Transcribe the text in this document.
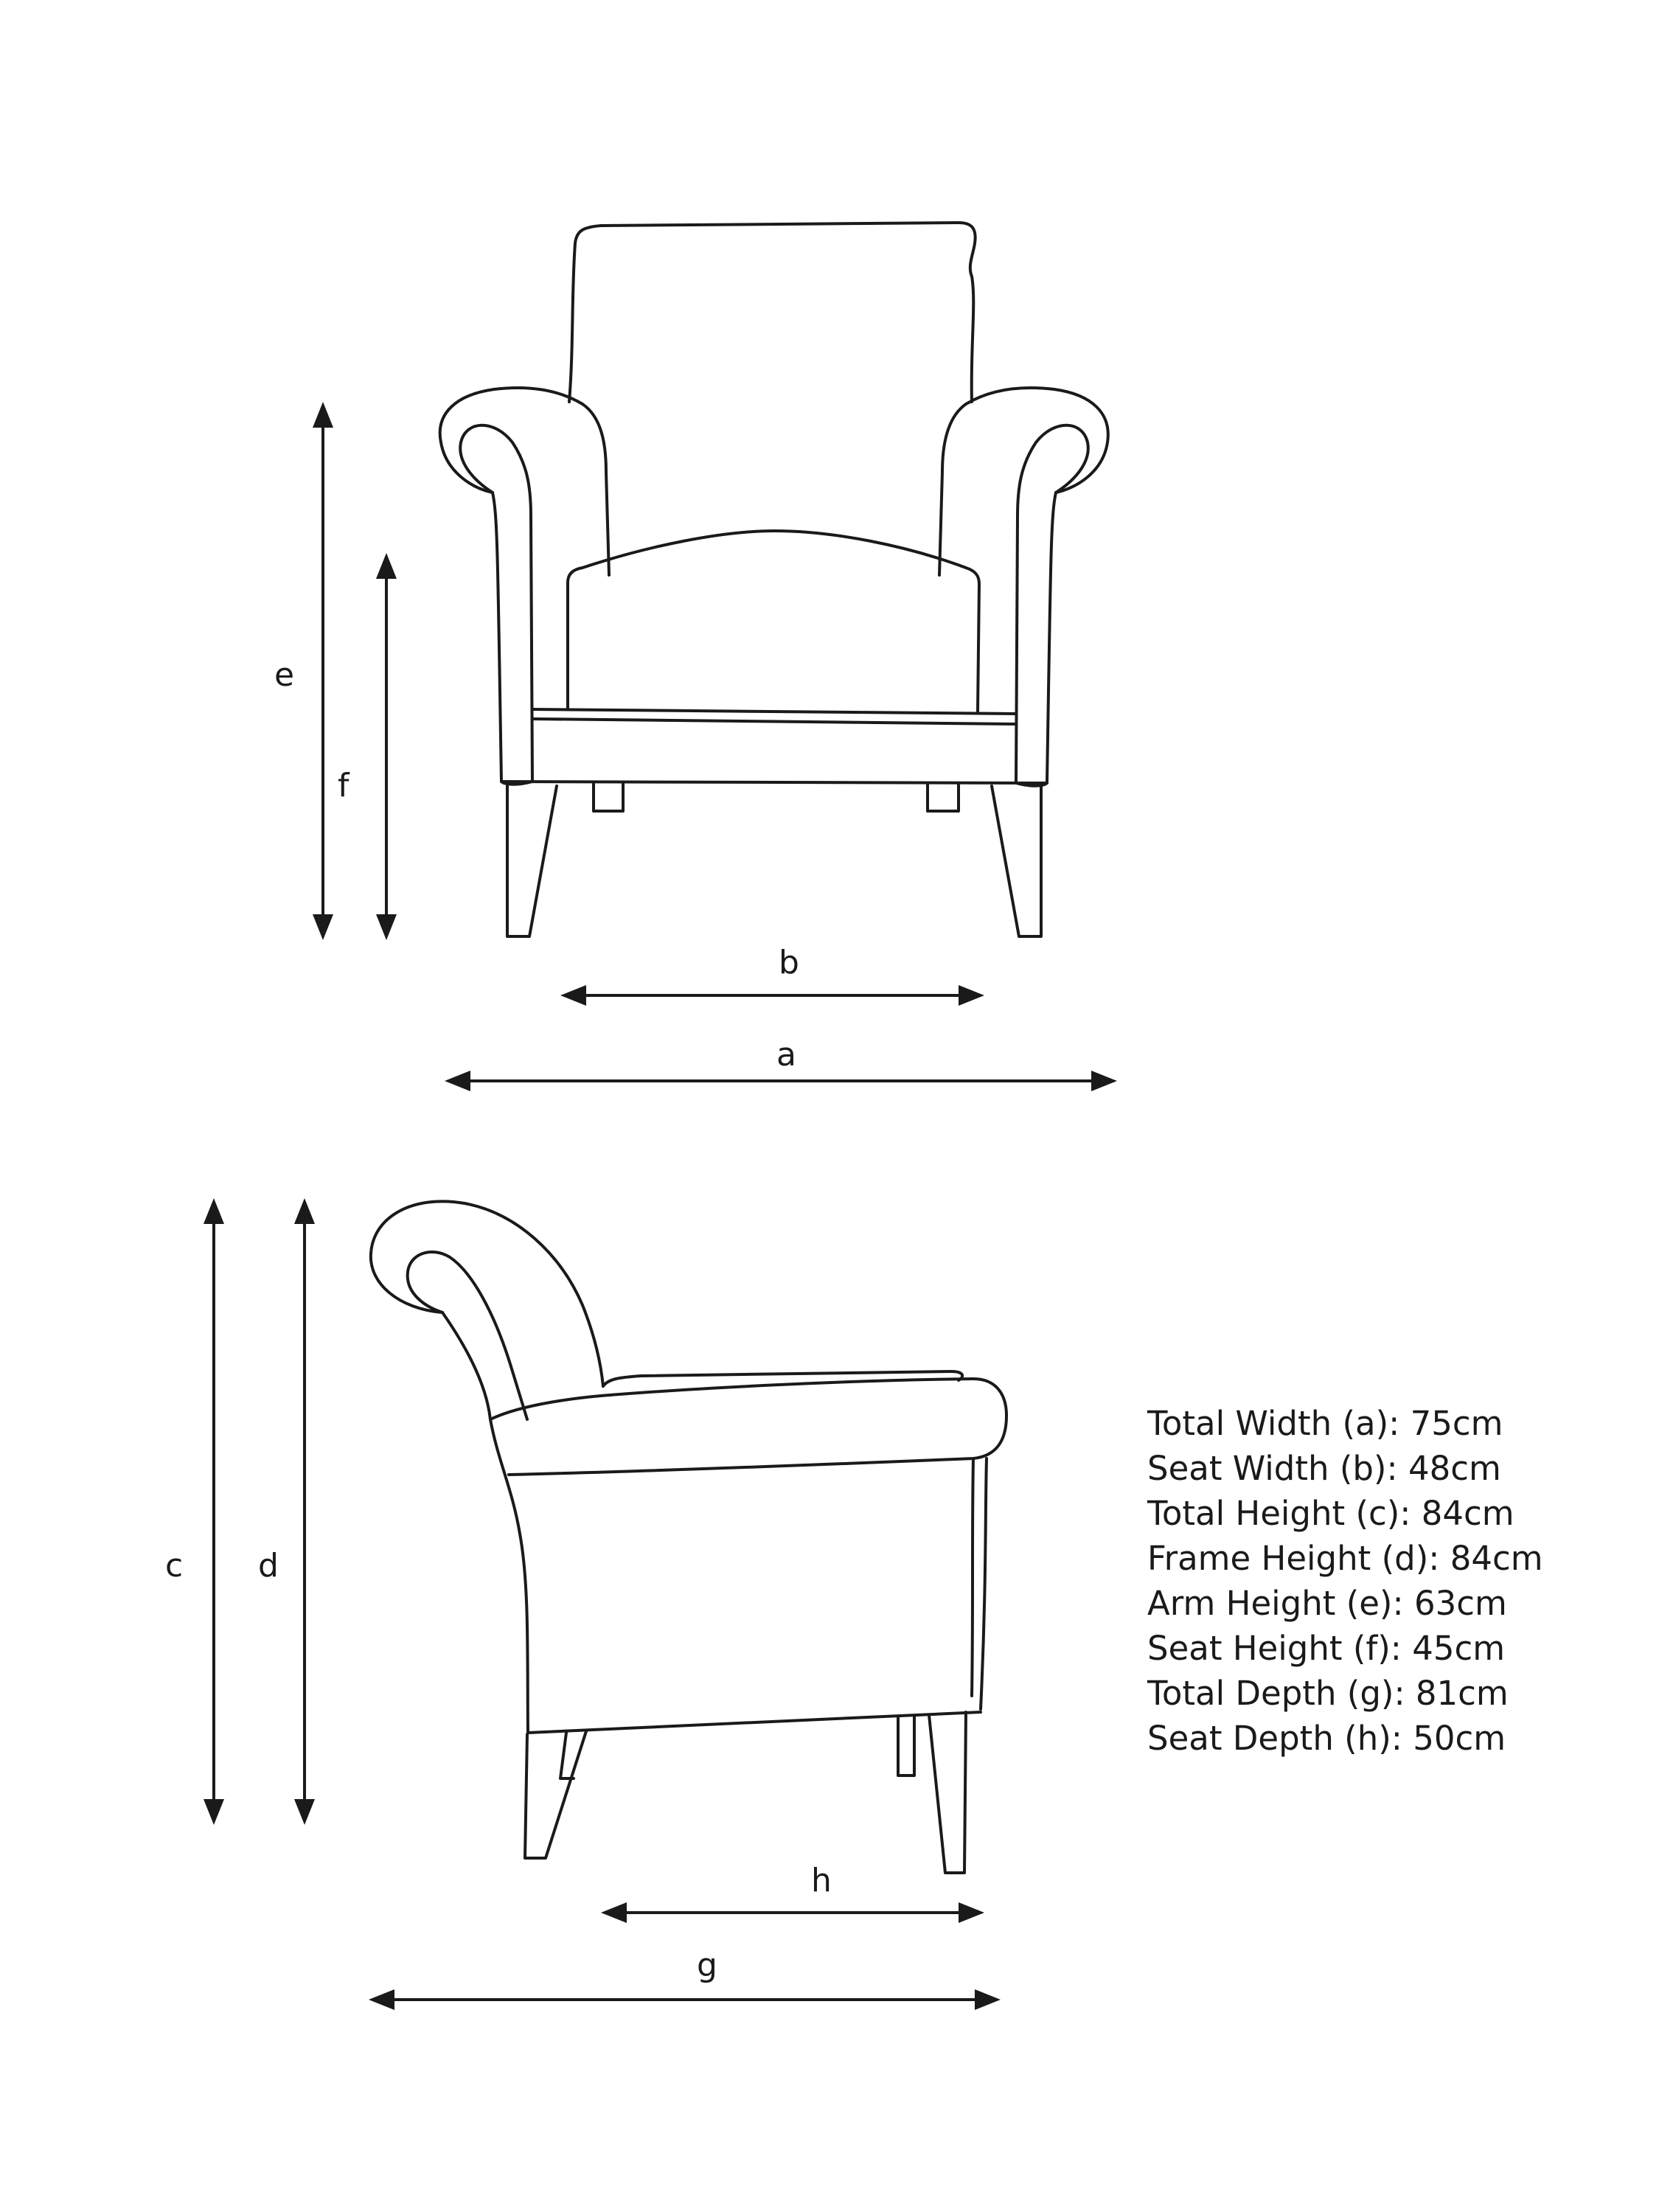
e
f
b
a
c d
h
g
Total Width (a): 75cm
Seat Width (b): 48cm
Total Height (c): 84cm
Frame Height (d): 84cm
Arm Height (e): 63cm
Seat Height (f): 45cm
Total Depth (g): 81cm
Seat Depth (h): 50cm
